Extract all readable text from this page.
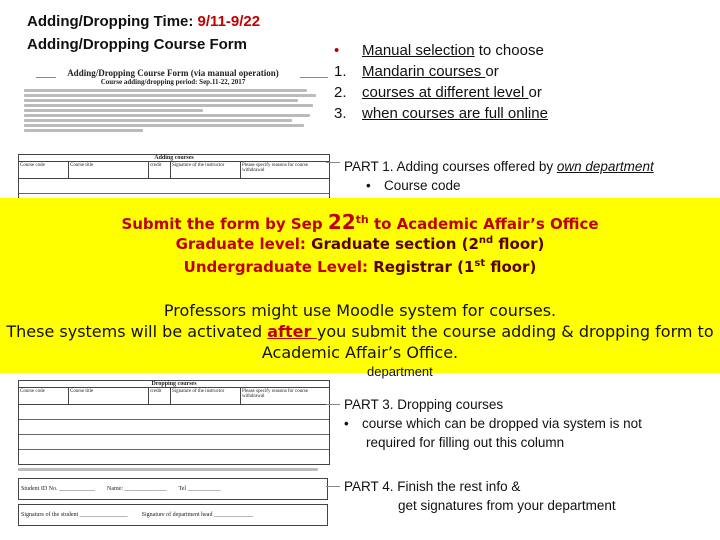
Adding/Dropping Time: 9/11-9/22
Adding/Dropping Course Form
Adding/Dropping Course Form (via manual operation)
Course adding/dropping period: Sep.11-22, 2017
Adding courses
Course code	Course title	credit	Signature of the instructor	Please specify reasons for course withdrawal
Dropping courses
Course code	Course title	credit	Signature of the instructor	Please specify reasons for course withdrawal
Student ID No. ____________ Name: ______________ Tel ___________
Signature of the student ________________ Signature of department head _____________
•	Manual selection to choose
1.	Mandarin courses or
2.	courses at different level or
3.	when courses are full online
PART 1. Adding courses offered by own department
• Course code
Submit the form by Sep 22th to Academic Affair’s Office
Graduate level: Graduate section (2nd floor)
Undergraduate Level: Registrar (1st floor)
Professors might use Moodle system for courses.
These systems will be activated after you submit the course adding & dropping form to
Academic Affair’s Office.
department
PART 3. Dropping courses
• course which can be dropped via system is not
required for filling out this column
PART 4. Finish the rest info &
get signatures from your department
